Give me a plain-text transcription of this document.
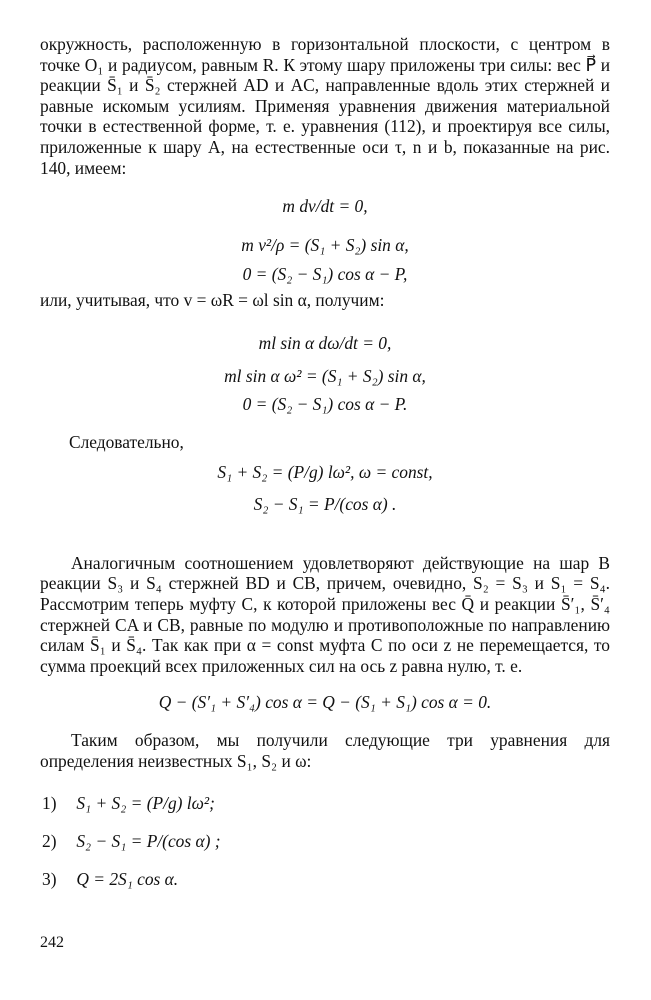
окружность, расположенную в горизонтальной плоскости, с центром в точке O₁ и радиусом, равным R. К этому шару приложены три силы: вес P⃗ и реакции S̄₁ и S̄₂ стержней AD и AC, направленные вдоль этих стержней и равные искомым усилиям. Применяя уравнения движения материальной точки в естественной форме, т. е. уравнения (112), и проектируя все силы, приложенные к шару A, на естественные оси τ, n и b, показанные на рис. 140, имеем:

m dv/dt = 0,
m v²/ρ = (S₁ + S₂) sin α,
0 = (S₂ − S₁) cos α − P,

или, учитывая, что v = ωR = ωl sin α, получим:

ml sin α dω/dt = 0,
ml sin α ω² = (S₁ + S₂) sin α,
0 = (S₂ − S₁) cos α − P.
Следовательно,
S₁ + S₂ = (P/g) lω², ω = const,
S₂ − S₁ = P/(cos α) .

Аналогичным соотношением удовлетворяют действующие на шар B реакции S₃ и S₄ стержней BD и CB, причем, очевидно, S₂ = S₃ и S₁ = S₄. Рассмотрим теперь муфту C, к которой приложены вес Q̄ и реакции S̄′₁, S̄′₄ стержней CA и CB, равные по модулю и противоположные по направлению силам S̄₁ и S̄₄. Так как при α = const муфта C по оси z не перемещается, то сумма проекций всех приложенных сил на ось z равна нулю, т. е.

Q − (S′₁ + S′₄) cos α = Q − (S₁ + S₁) cos α = 0.

Таким образом, мы получили следующие три уравнения для определения неизвестных S₁, S₂ и ω:

1) S₁ + S₂ = (P/g) lω²;
2) S₂ − S₁ = P/(cos α) ;
3) Q = 2S₁ cos α.
242
